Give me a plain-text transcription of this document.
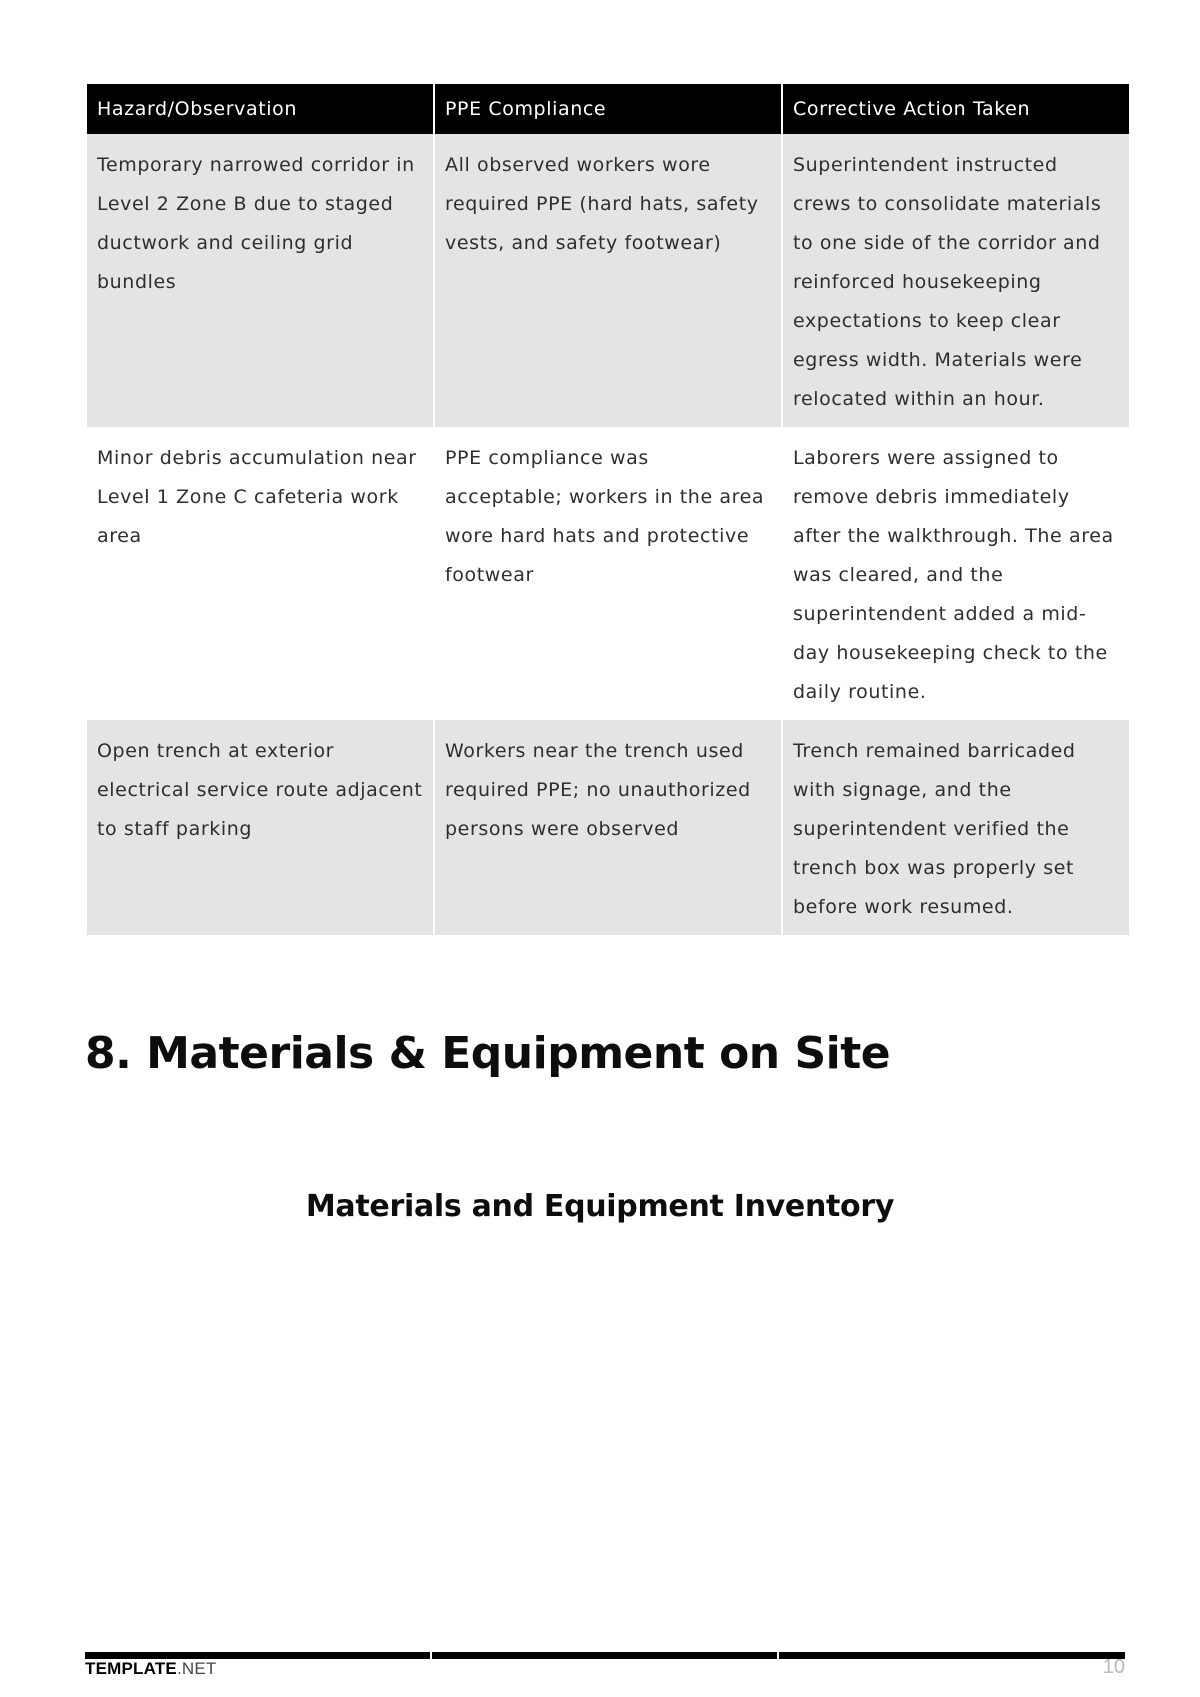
Hazard/Observation	PPE Compliance	Corrective Action Taken
Temporary narrowed corridor in Level 2 Zone B due to staged ductwork and ceiling grid bundles	All observed workers wore required PPE (hard hats, safety vests, and safety footwear)	Superintendent instructed crews to consolidate materials to one side of the corridor and reinforced housekeeping expectations to keep clear egress width. Materials were relocated within an hour.
Minor debris accumulation near Level 1 Zone C cafeteria work area	PPE compliance was acceptable; workers in the area wore hard hats and protective footwear	Laborers were assigned to remove debris immediately after the walkthrough. The area was cleared, and the superintendent added a mid-day housekeeping check to the daily routine.
Open trench at exterior electrical service route adjacent to staff parking	Workers near the trench used required PPE; no unauthorized persons were observed	Trench remained barricaded with signage, and the superintendent verified the trench box was properly set before work resumed.
8. Materials & Equipment on Site
Materials and Equipment Inventory
TEMPLATE.NET	10
